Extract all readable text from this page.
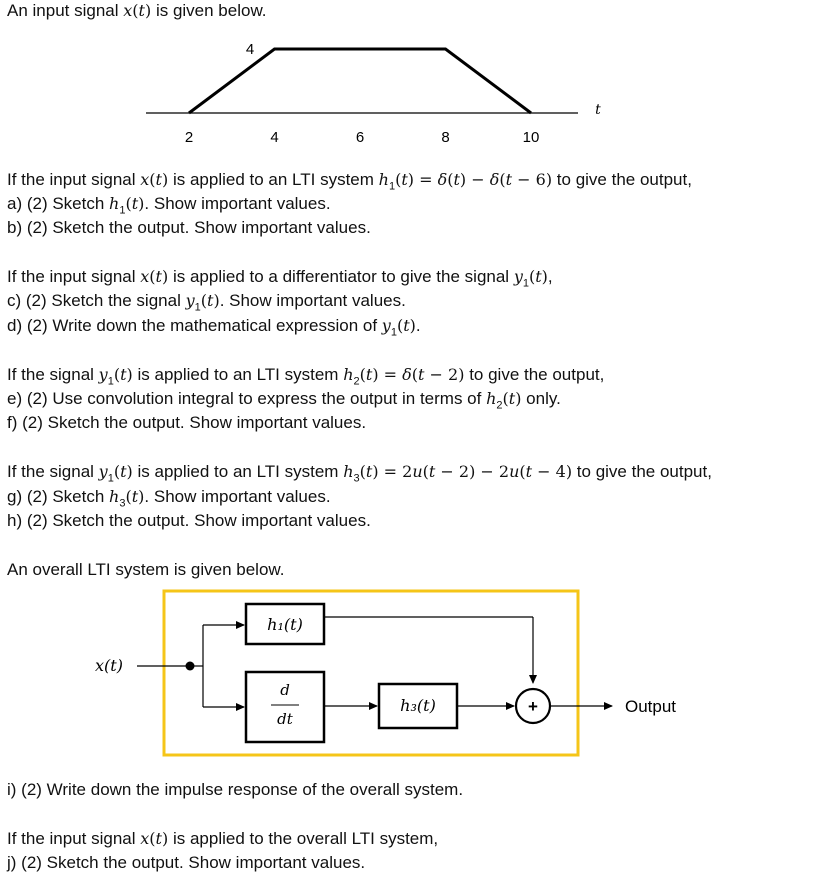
An input signal x(t) is given below.
4
t
2	4	6	8	10
If the input signal x(t) is applied to an LTI system $h_1(t) = \delta(t) - \delta(t - 6)$ to give the output,
a) (2) Sketch $h_1(t)$. Show important values.
b) (2) Sketch the output. Show important values.
If the input signal x(t) is applied to a differentiator to give the signal $y_1(t)$,
c) (2) Sketch the signal $y_1(t)$. Show important values.
d) (2) Write down the mathematical expression of $y_1(t)$.
If the signal $y_1(t)$ is applied to an LTI system $h_2(t) = \delta(t - 2)$ to give the output,
e) (2) Use convolution integral to express the output in terms of $h_2(t)$ only.
f) (2) Sketch the output. Show important values.
If the signal $y_1(t)$ is applied to an LTI system $h_3(t) = 2u(t - 2) - 2u(t - 4)$ to give the output,
g) (2) Sketch $h_3(t)$. Show important values.
h) (2) Sketch the output. Show important values.
An overall LTI system is given below.
x(t)
h₁(t)
d
dt
h₃(t)	+	Output
i) (2) Write down the impulse response of the overall system.
If the input signal x(t) is applied to the overall LTI system,
j) (2) Sketch the output. Show important values.
